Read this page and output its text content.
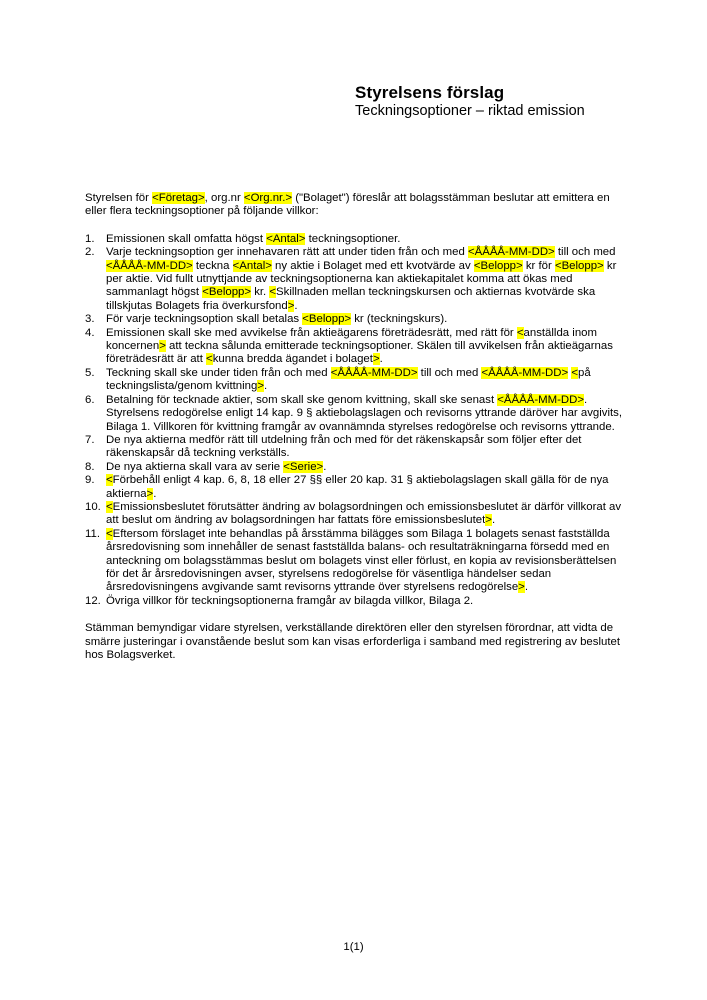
Styrelsens förslag
Teckningsoptioner – riktad emission

Styrelsen för <Företag>, org.nr <Org.nr.> ("Bolaget") föreslår att bolagsstämman beslutar att emittera en eller flera teckningsoptioner på följande villkor:

1.	Emissionen skall omfatta högst <Antal> teckningsoptioner.
2.	Varje teckningsoption ger innehavaren rätt att under tiden från och med <ÅÅÅÅ-MM-DD> till och med <ÅÅÅÅ-MM-DD> teckna <Antal> ny aktie i Bolaget med ett kvotvärde av <Belopp> kr för <Belopp> kr per aktie. Vid fullt utnyttjande av teckningsoptionerna kan aktiekapitalet komma att ökas med sammanlagt högst <Belopp> kr. <Skillnaden mellan teckningskursen och aktiernas kvotvärde ska tillskjutas Bolagets fria överkursfond>.
3.	För varje teckningsoption skall betalas <Belopp> kr (teckningskurs).
4.	Emissionen skall ske med avvikelse från aktieägarens företrädesrätt, med rätt för <anställda inom koncernen> att teckna sålunda emitterade teckningsoptioner. Skälen till avvikelsen från aktieägarnas företrädesrätt är att <kunna bredda ägandet i bolaget>.
5.	Teckning skall ske under tiden från och med <ÅÅÅÅ-MM-DD> till och med <ÅÅÅÅ-MM-DD> <på teckningslista/genom kvittning>.
6.	Betalning för tecknade aktier, som skall ske genom kvittning, skall ske senast <ÅÅÅÅ-MM-DD>. Styrelsens redogörelse enligt 14 kap. 9 § aktiebolagslagen och revisorns yttrande däröver har avgivits, Bilaga 1. Villkoren för kvittning framgår av ovannämnda styrelses redogörelse och revisorns yttrande.
7.	De nya aktierna medför rätt till utdelning från och med för det räkenskapsår som följer efter det räkenskapsår då teckning verkställs.
8.	De nya aktierna skall vara av serie <Serie>.
9.	<Förbehåll enligt 4 kap. 6, 8, 18 eller 27 §§ eller 20 kap. 31 § aktiebolagslagen skall gälla för de nya aktierna>.
10. <Emissionsbeslutet förutsätter ändring av bolagsordningen och emissionsbeslutet är därför villkorat av att beslut om ändring av bolagsordningen har fattats före emissionsbeslutet>.
11. <Eftersom förslaget inte behandlas på årsstämma bilägges som Bilaga 1 bolagets senast fastställda årsredovisning som innehåller de senast fastställda balans- och resultaträkningarna försedd med en anteckning om bolagsstämmas beslut om bolagets vinst eller förlust, en kopia av revisionsberättelsen för det år årsredovisningen avser, styrelsens redogörelse för väsentliga händelser sedan årsredovisningens avgivande samt revisorns yttrande över styrelsens redogörelse>.
12. Övriga villkor för teckningsoptionerna framgår av bilagda villkor, Bilaga 2.

Stämman bemyndigar vidare styrelsen, verkställande direktören eller den styrelsen förordnar, att vidta de smärre justeringar i ovanstående beslut som kan visas erforderliga i samband med registrering av beslutet hos Bolagsverket.

1(1)
